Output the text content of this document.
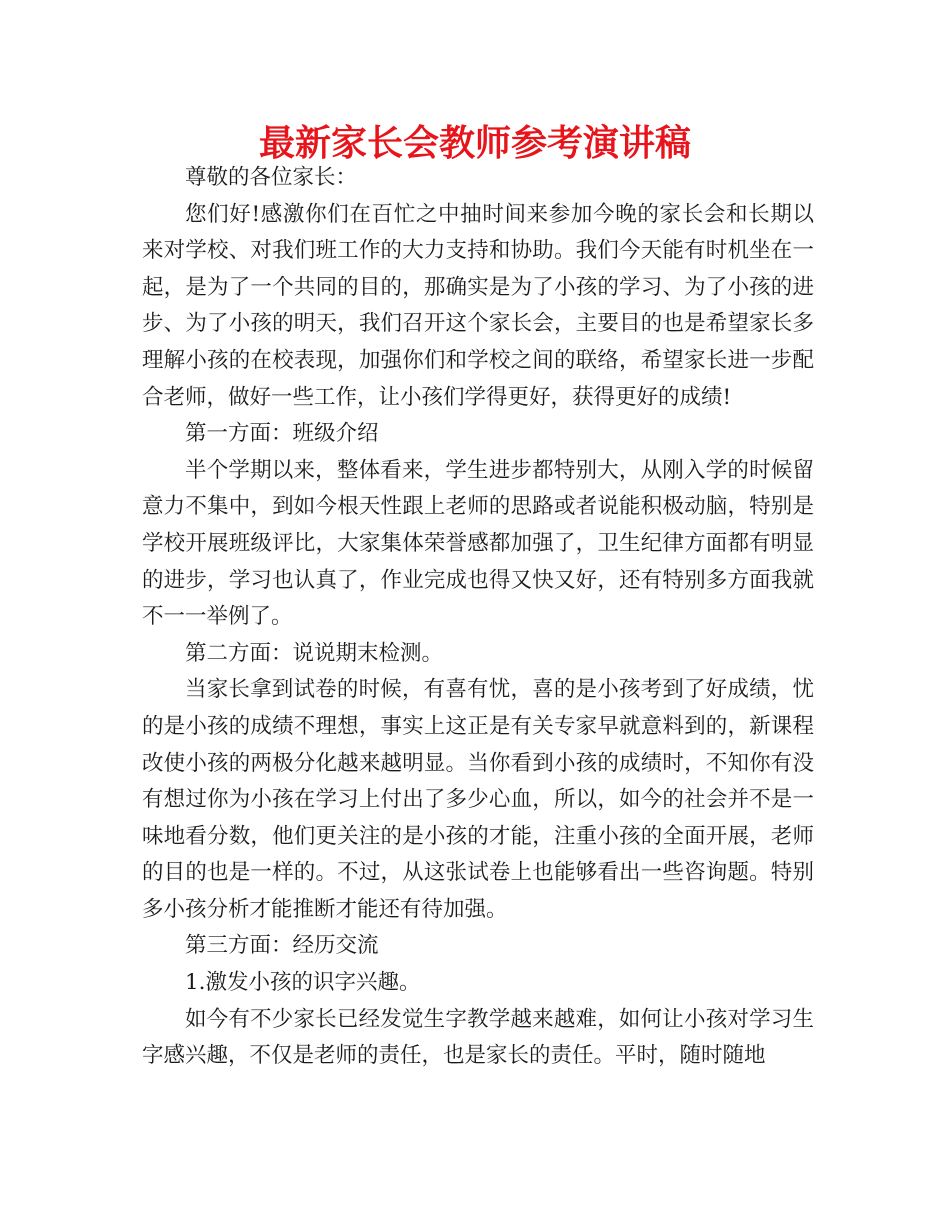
最新家长会教师参考演讲稿

尊敬的各位家长：

您们好!感激你们在百忙之中抽时间来参加今晚的家长会和长期以来对学校、对我们班工作的大力支持和协助。我们今天能有时机坐在一起，是为了一个共同的目的，那确实是为了小孩的学习、为了小孩的进步、为了小孩的明天，我们召开这个家长会，主要目的也是希望家长多理解小孩的在校表现，加强你们和学校之间的联络，希望家长进一步配合老师，做好一些工作，让小孩们学得更好，获得更好的成绩!

第一方面：班级介绍

半个学期以来，整体看来，学生进步都特别大，从刚入学的时候留意力不集中，到如今根天性跟上老师的思路或者说能积极动脑，特别是学校开展班级评比，大家集体荣誉感都加强了，卫生纪律方面都有明显的进步，学习也认真了，作业完成也得又快又好，还有特别多方面我就不一一举例了。

第二方面：说说期末检测。

当家长拿到试卷的时候，有喜有忧，喜的是小孩考到了好成绩，忧的是小孩的成绩不理想，事实上这正是有关专家早就意料到的，新课程改使小孩的两极分化越来越明显。当你看到小孩的成绩时，不知你有没有想过你为小孩在学习上付出了多少心血，所以，如今的社会并不是一味地看分数，他们更关注的是小孩的才能，注重小孩的全面开展，老师的目的也是一样的。不过，从这张试卷上也能够看出一些咨询题。特别多小孩分析才能推断才能还有待加强。

第三方面：经历交流

1.激发小孩的识字兴趣。

如今有不少家长已经发觉生字教学越来越难，如何让小孩对学习生字感兴趣，不仅是老师的责任，也是家长的责任。平时，随时随地
